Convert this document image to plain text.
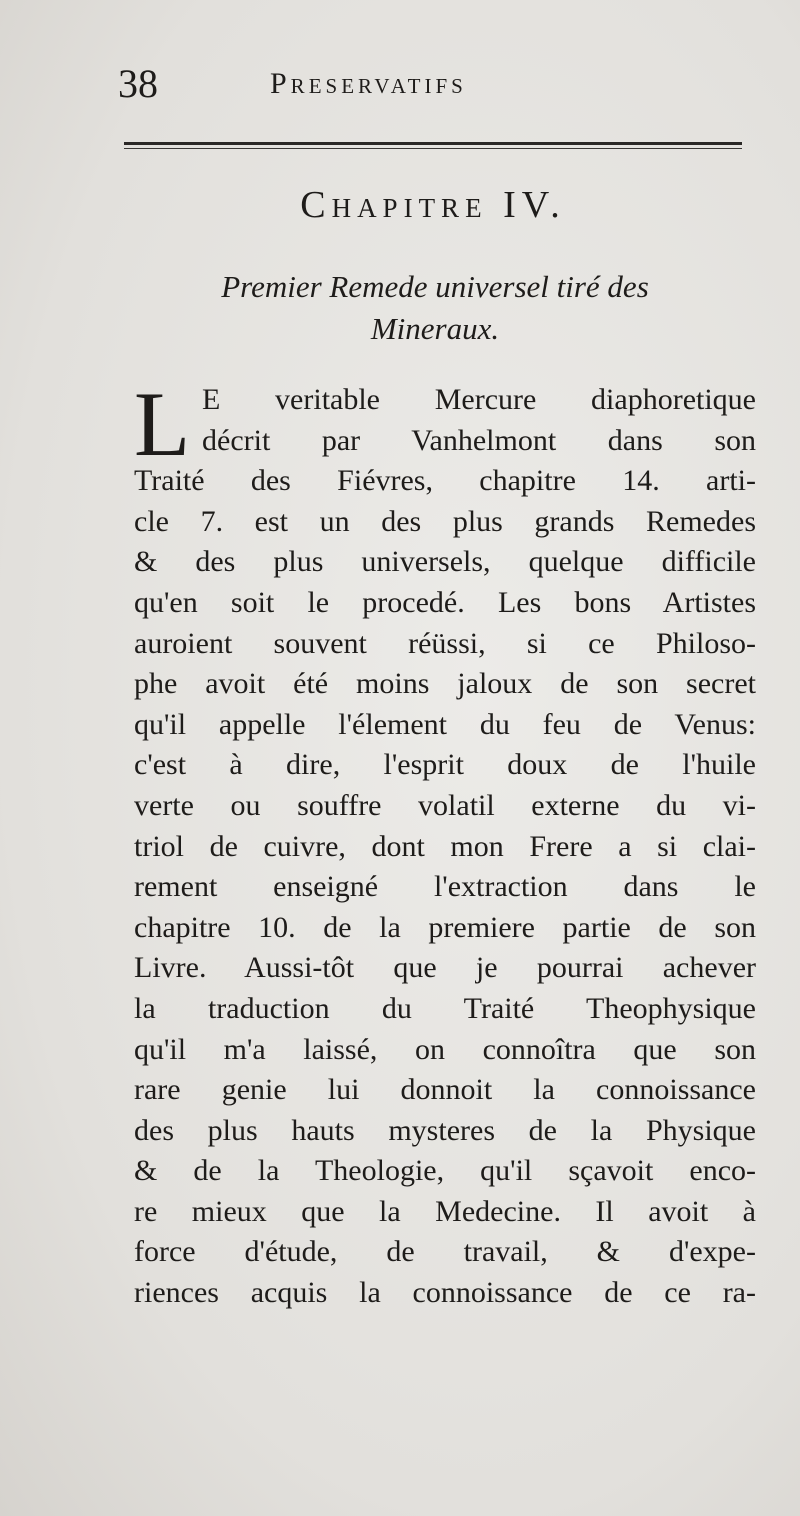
38	Preservatifs
Chapitre IV.
Premier Remede universel tiré des
Mineraux.
L E veritable Mercure diaphoretique
décrit par Vanhelmont dans son
Traité des Fiévres, chapitre 14. arti-
cle 7. est un des plus grands Remedes
& des plus universels, quelque difficile
qu'en soit le procedé. Les bons Artistes
auroient souvent réüssi, si ce Philoso-
phe avoit été moins jaloux de son secret
qu'il appelle l'élement du feu de Venus:
c'est à dire, l'esprit doux de l'huile
verte ou souffre volatil externe du vi-
triol de cuivre, dont mon Frere a si clai-
rement enseigné l'extraction dans le
chapitre 10. de la premiere partie de son
Livre. Aussi-tôt que je pourrai achever
la traduction du Traité Theophysique
qu'il m'a laissé, on connoîtra que son
rare genie lui donnoit la connoissance
des plus hauts mysteres de la Physique
& de la Theologie, qu'il sçavoit enco-
re mieux que la Medecine. Il avoit à
force d'étude, de travail, & d'expe-
riences acquis la connoissance de ce ra-
